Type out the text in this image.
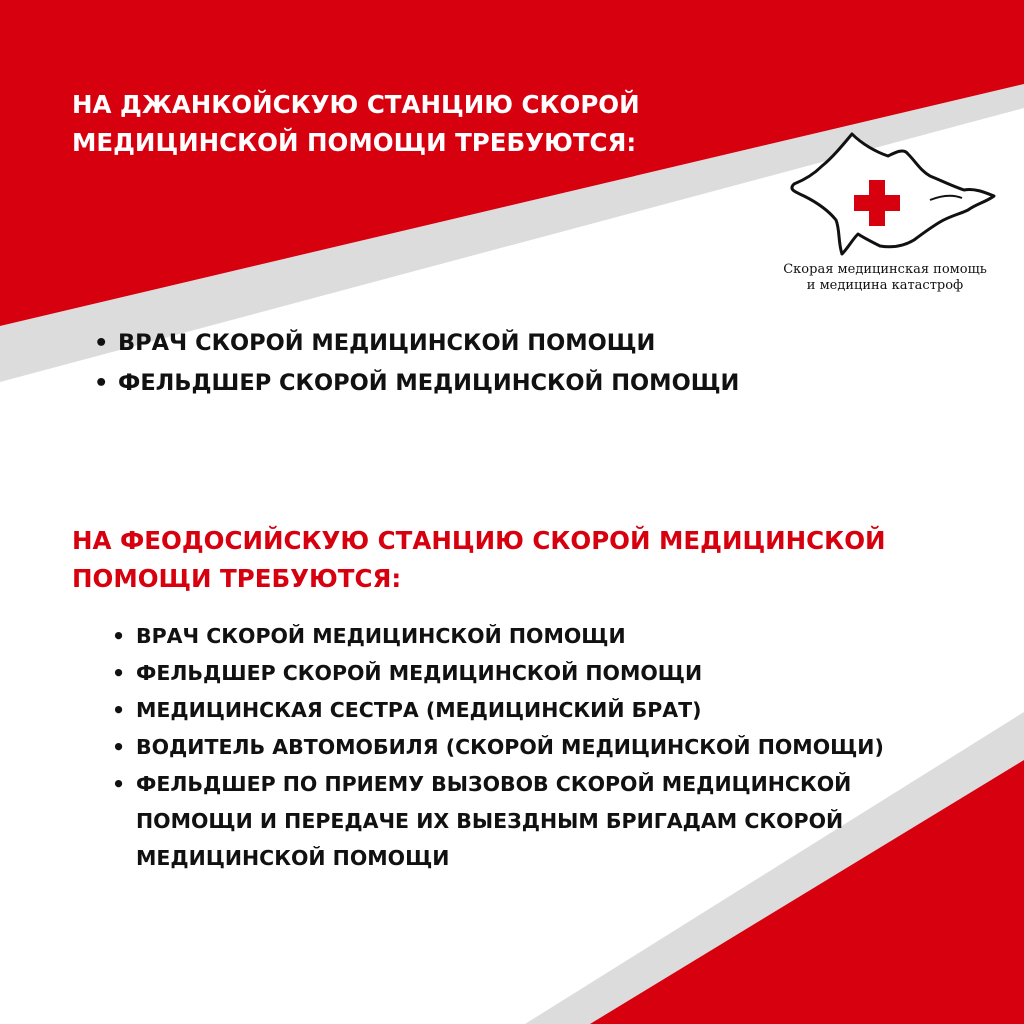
НА ДЖАНКОЙСКУЮ СТАНЦИЮ СКОРОЙ
МЕДИЦИНСКОЙ ПОМОЩИ ТРЕБУЮТСЯ:
Скорая медицинская помощь
и медицина катастроф
• ВРАЧ СКОРОЙ МЕДИЦИНСКОЙ ПОМОЩИ
• ФЕЛЬДШЕР СКОРОЙ МЕДИЦИНСКОЙ ПОМОЩИ
НА ФЕОДОСИЙСКУЮ СТАНЦИЮ СКОРОЙ МЕДИЦИНСКОЙ
ПОМОЩИ ТРЕБУЮТСЯ:
• ВРАЧ СКОРОЙ МЕДИЦИНСКОЙ ПОМОЩИ
• ФЕЛЬДШЕР СКОРОЙ МЕДИЦИНСКОЙ ПОМОЩИ
• МЕДИЦИНСКАЯ СЕСТРА (МЕДИЦИНСКИЙ БРАТ)
• ВОДИТЕЛЬ АВТОМОБИЛЯ (СКОРОЙ МЕДИЦИНСКОЙ ПОМОЩИ)
• ФЕЛЬДШЕР ПО ПРИЕМУ ВЫЗОВОВ СКОРОЙ МЕДИЦИНСКОЙ
ПОМОЩИ И ПЕРЕДАЧЕ ИХ ВЫЕЗДНЫМ БРИГАДАМ СКОРОЙ
МЕДИЦИНСКОЙ ПОМОЩИ
